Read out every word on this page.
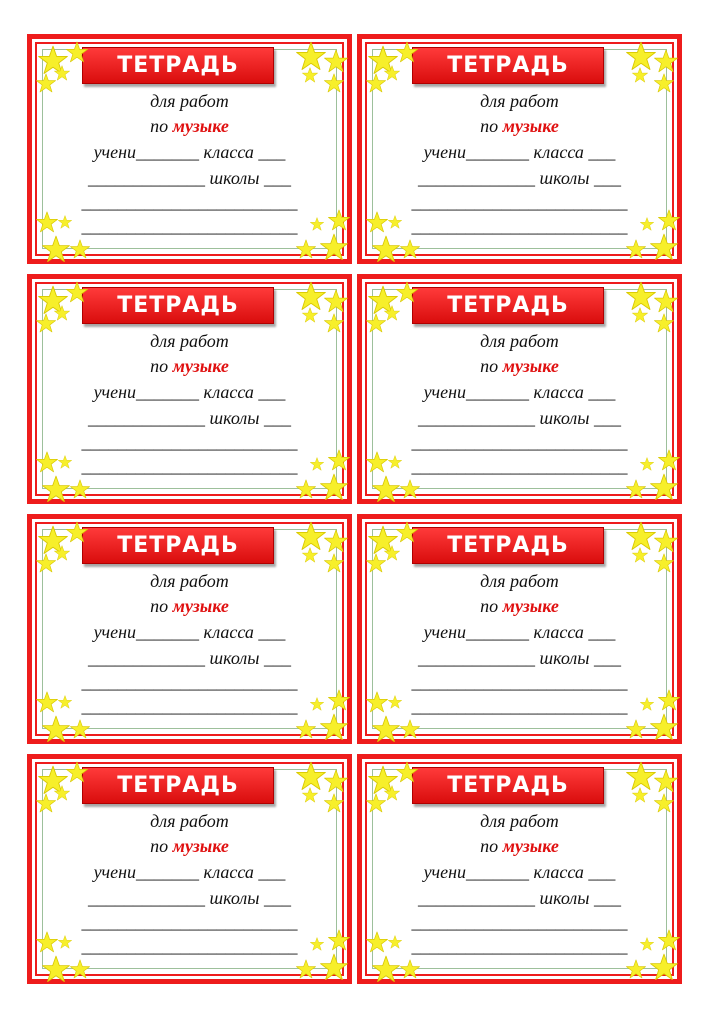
ТЕТРАДЬ
для работ
по музыке
учени_______ класса ___
_____________ школы ___
________________________
________________________
ТЕТРАДЬ
для работ
по музыке
учени_______ класса ___
_____________ школы ___
________________________
________________________
ТЕТРАДЬ
для работ
по музыке
учени_______ класса ___
_____________ школы ___
________________________
________________________
ТЕТРАДЬ
для работ
по музыке
учени_______ класса ___
_____________ школы ___
________________________
________________________
ТЕТРАДЬ
для работ
по музыке
учени_______ класса ___
_____________ школы ___
________________________
________________________
ТЕТРАДЬ
для работ
по музыке
учени_______ класса ___
_____________ школы ___
________________________
________________________
ТЕТРАДЬ
для работ
по музыке
учени_______ класса ___
_____________ школы ___
________________________
________________________
ТЕТРАДЬ
для работ
по музыке
учени_______ класса ___
_____________ школы ___
________________________
________________________
